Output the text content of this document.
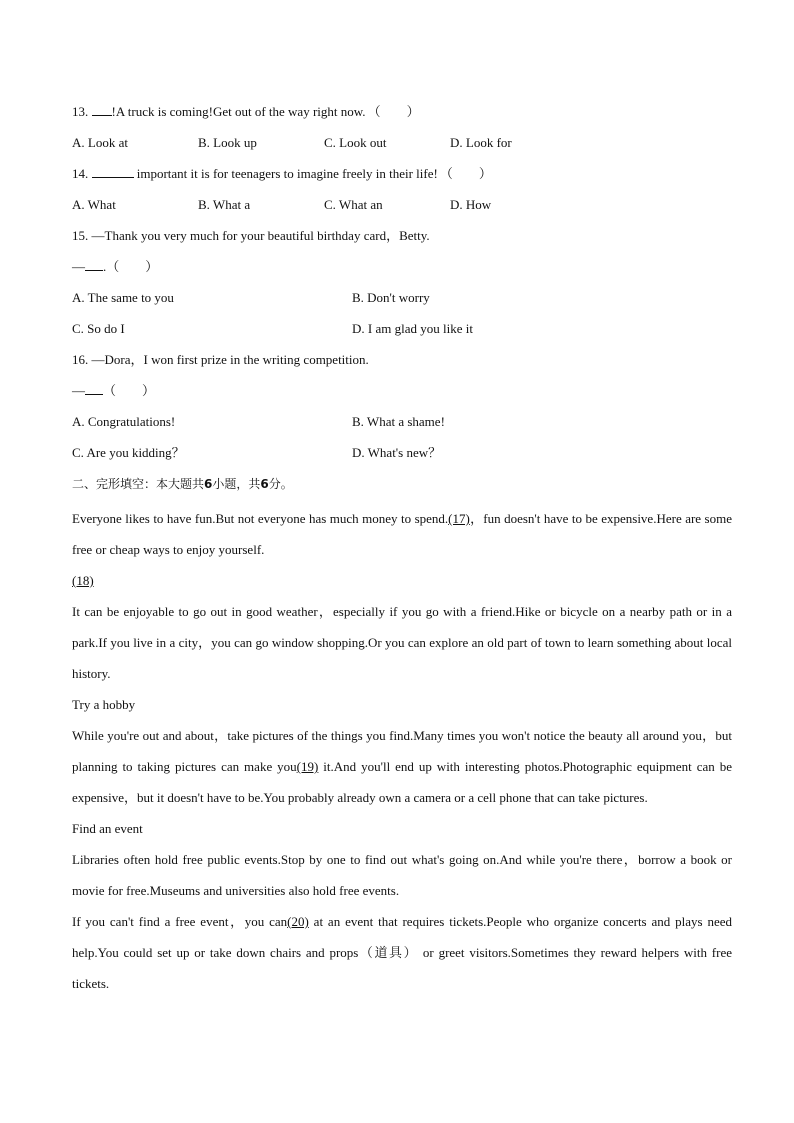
13. !A truck is coming!Get out of the way right now. （　　）
A. Look at	B. Look up	C. Look out	D. Look for
14.	important it is for teenagers to imagine freely in their life! （　　）
A. What	B. What a	C. What an	D. How
15. —Thank you very much for your beautiful birthday card，Betty.
— .（　　）
A. The same to you	B. Don't worry
C. So do I	D. I am glad you like it
16. —Dora，I won first prize in the writing competition.
— （　　）
A. Congratulations!	B. What a shame!
C. Are you kidding？	D. What's new？
二、完形填空：本大题共6小题，共6分。
Everyone likes to have fun.But not everyone has much money to spend.(17)，fun doesn't have to be expensive.Here are some free or cheap ways to enjoy yourself.
(18)
It can be enjoyable to go out in good weather，especially if you go with a friend.Hike or bicycle on a nearby path or in a park.If you live in a city，you can go window shopping.Or you can explore an old part of town to learn something about local history.
Try a hobby
While you're out and about，take pictures of the things you find.Many times you won't notice the beauty all around you，but planning to taking pictures can make you(19) it.And you'll end up with interesting photos.Photographic equipment can be expensive，but it doesn't have to be.You probably already own a camera or a cell phone that can take pictures.
Find an event
Libraries often hold free public events.Stop by one to find out what's going on.And while you're there，borrow a book or movie for free.Museums and universities also hold free events.
If you can't find a free event，you can(20) at an event that requires tickets.People who organize concerts and plays need help.You could set up or take down chairs and props（道具） or greet visitors.Sometimes they reward helpers with free tickets.
